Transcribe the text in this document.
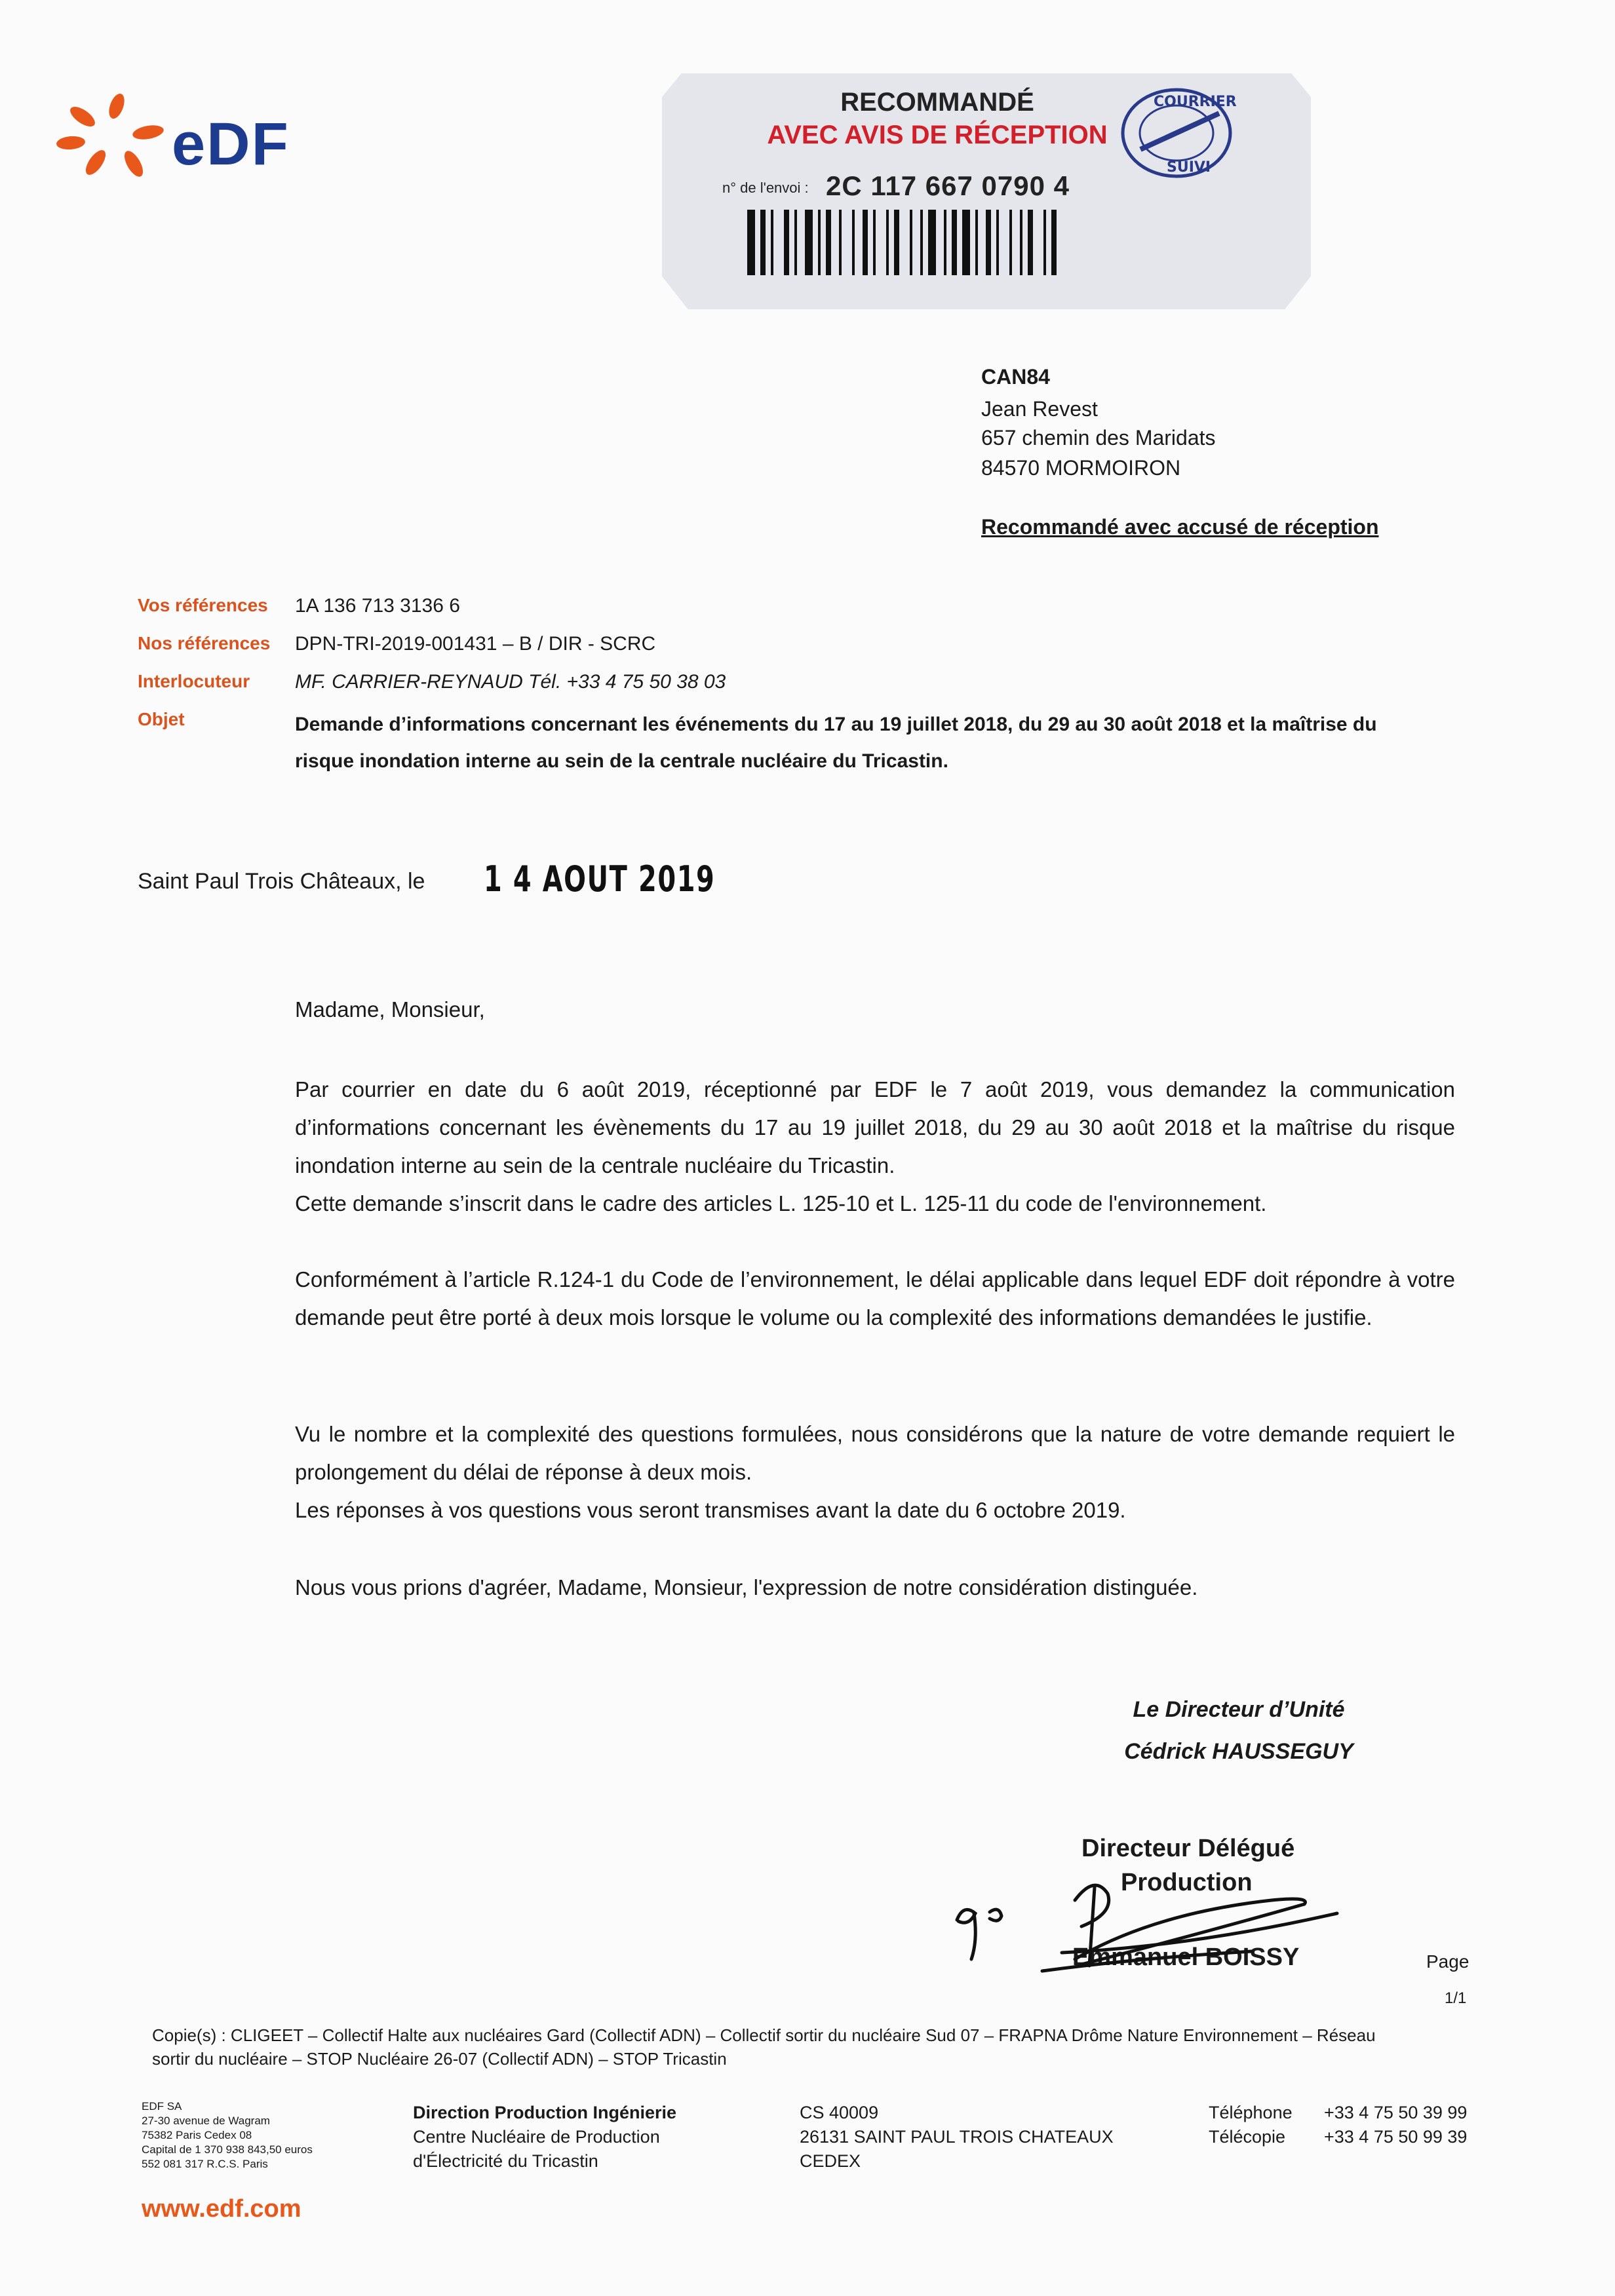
eDF
RECOMMANDÉ
AVEC AVIS DE RÉCEPTION
n° de l'envoi : 2C 117 667 0790 4
COURRIER
SUIVI
CAN84
Jean Revest
657 chemin des Maridats
84570 MORMOIRON
Recommandé avec accusé de réception
Vos références 1A 136 713 3136 6
Nos références DPN-TRI-2019-001431 – B / DIR - SCRC
Interlocuteur MF. CARRIER-REYNAUD Tél. +33 4 75 50 38 03
Objet	Demande d’informations concernant les événements du 17 au 19 juillet 2018, du 29 au 30 août 2018 et la maîtrise du risque inondation interne au sein de la centrale nucléaire du Tricastin.
Saint Paul Trois Châteaux, le 1 4 AOUT 2019
Madame, Monsieur,

Par courrier en date du 6 août 2019, réceptionné par EDF le 7 août 2019, vous demandez la communication d’informations concernant les évènements du 17 au 19 juillet 2018, du 29 au 30 août 2018 et la maîtrise du risque inondation interne au sein de la centrale nucléaire du Tricastin.

Cette demande s’inscrit dans le cadre des articles L. 125-10 et L. 125-11 du code de l'environnement.

Conformément à l’article R.124-1 du Code de l’environnement, le délai applicable dans lequel EDF doit répondre à votre demande peut être porté à deux mois lorsque le volume ou la complexité des informations demandées le justifie.

Vu le nombre et la complexité des questions formulées, nous considérons que la nature de votre demande requiert le prolongement du délai de réponse à deux mois.

Les réponses à vos questions vous seront transmises avant la date du 6 octobre 2019.

Nous vous prions d'agréer, Madame, Monsieur, l'expression de notre considération distinguée.
Le Directeur d’Unité
Cédrick HAUSSEGUY
Directeur Délégué
Production
Emmanuel BOISSY	Page
1/1
Copie(s) : CLIGEET – Collectif Halte aux nucléaires Gard (Collectif ADN) – Collectif sortir du nucléaire Sud 07 – FRAPNA Drôme Nature Environnement – Réseau sortir du nucléaire – STOP Nucléaire 26-07 (Collectif ADN) – STOP Tricastin
EDF SA
27-30 avenue de Wagram
75382 Paris Cedex 08
Capital de 1 370 938 843,50 euros
552 081 317 R.C.S. Paris
Direction Production Ingénierie
Centre Nucléaire de Production
d'Électricité du Tricastin
CS 40009
26131 SAINT PAUL TROIS CHATEAUX
CEDEX
Téléphone
Télécopie
+33 4 75 50 39 99
+33 4 75 50 99 39
www.edf.com
